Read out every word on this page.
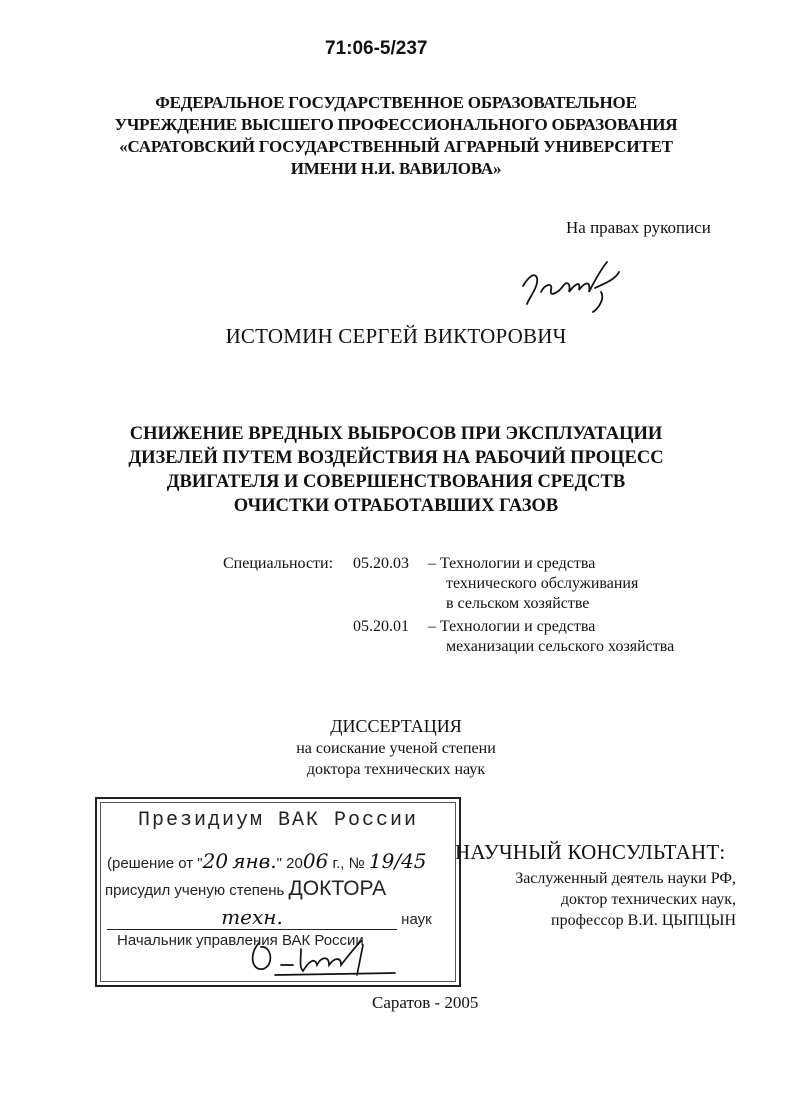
71:06-5/237
ФЕДЕРАЛЬНОЕ ГОСУДАРСТВЕННОЕ ОБРАЗОВАТЕЛЬНОЕ
УЧРЕЖДЕНИЕ ВЫСШЕГО ПРОФЕССИОНАЛЬНОГО ОБРАЗОВАНИЯ
«САРАТОВСКИЙ ГОСУДАРСТВЕННЫЙ АГРАРНЫЙ УНИВЕРСИТЕТ
ИМЕНИ Н.И. ВАВИЛОВА»
На правах рукописи
ИСТОМИН СЕРГЕЙ ВИКТОРОВИЧ
СНИЖЕНИЕ ВРЕДНЫХ ВЫБРОСОВ ПРИ ЭКСПЛУАТАЦИИ
ДИЗЕЛЕЙ ПУТЕМ ВОЗДЕЙСТВИЯ НА РАБОЧИЙ ПРОЦЕСС
ДВИГАТЕЛЯ И СОВЕРШЕНСТВОВАНИЯ СРЕДСТВ
ОЧИСТКИ ОТРАБОТАВШИХ ГАЗОВ
Специальности: 05.20.03 – Технологии и средства
технического обслуживания
в сельском хозяйстве
05.20.01 – Технологии и средства
механизации сельского хозяйства
ДИССЕРТАЦИЯ
на соискание ученой степени
доктора технических наук
Президиум ВАК России
(решение от "20 янв." 2006 г., № 19/45
присудил ученую степень ДОКТОРА
техн.	наук
Начальник управления ВАК России
НАУЧНЫЙ КОНСУЛЬТАНТ:
Заслуженный деятель науки РФ,
доктор технических наук,
профессор В.И. ЦЫПЦЫН
Саратов - 2005
